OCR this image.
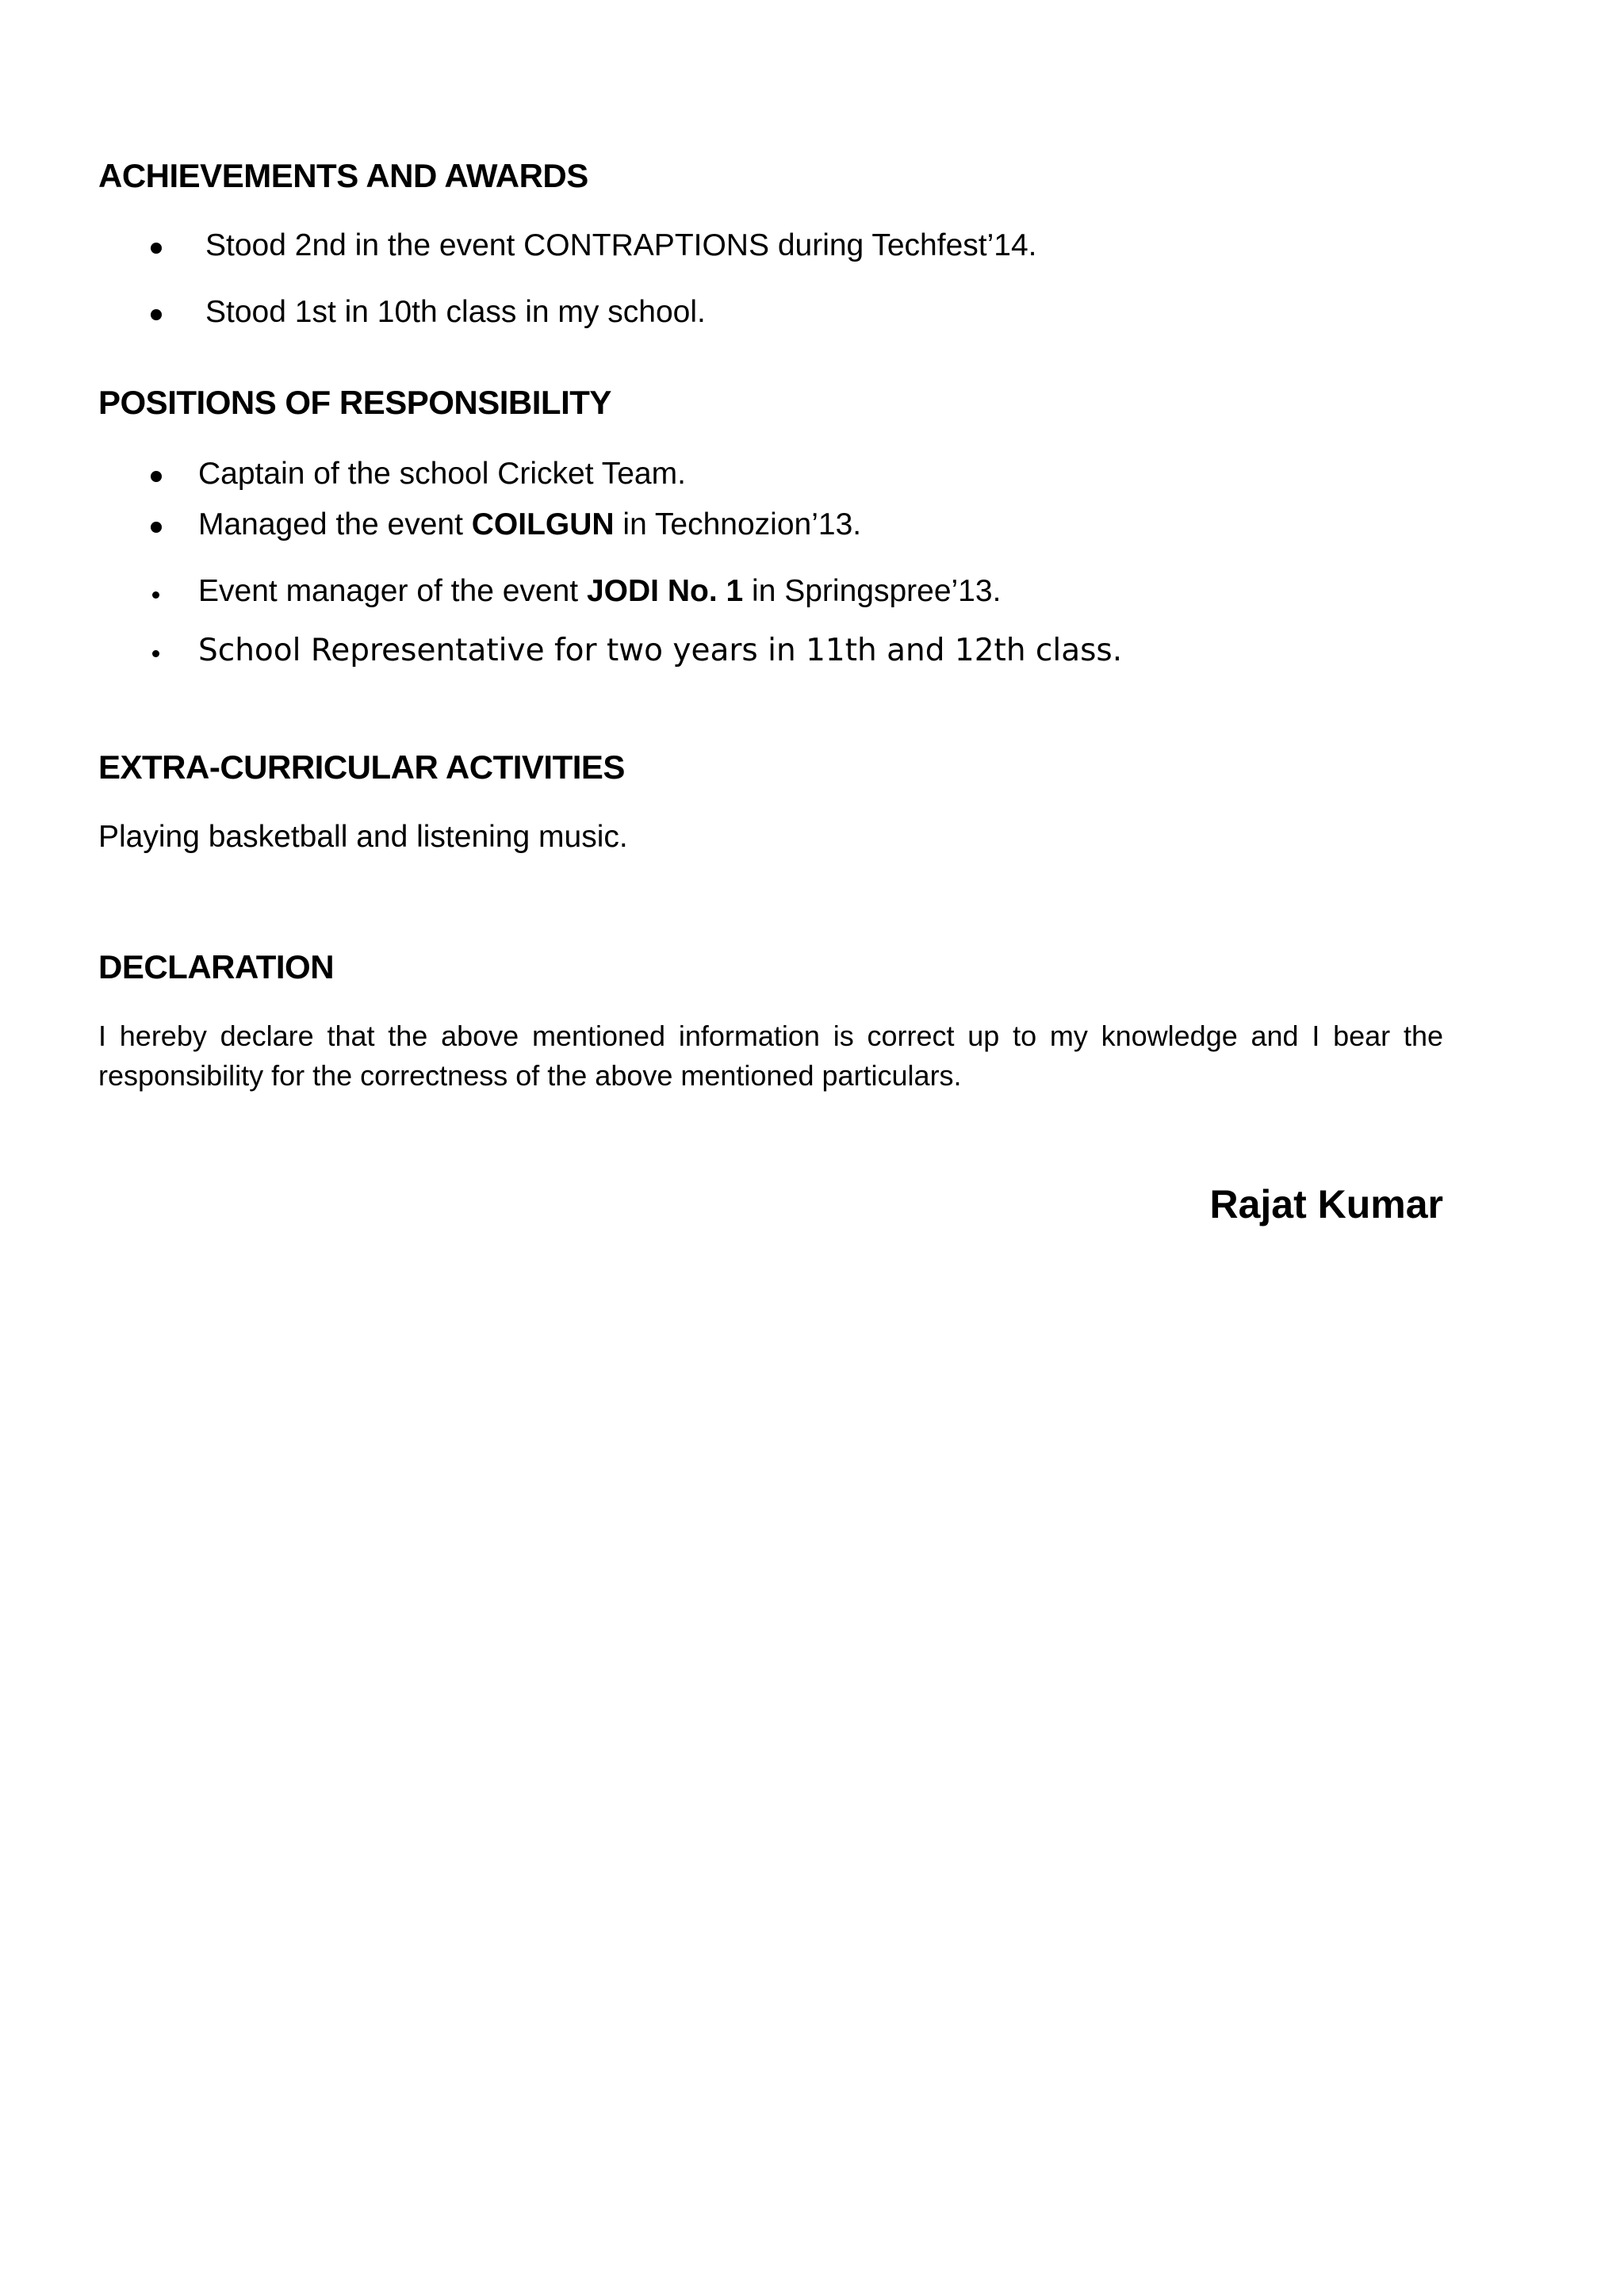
ACHIEVEMENTS AND AWARDS
Stood 2nd in the event CONTRAPTIONS during Techfest’14.
Stood 1st in 10th class in my school.
POSITIONS OF RESPONSIBILITY
Captain of the school Cricket Team.
Managed the event COILGUN in Technozion’13.
Event manager of the event JODI No. 1 in Springspree’13.
School Representative for two years in 11th and 12th class.
EXTRA-CURRICULAR ACTIVITIES

Playing basketball and listening music.

DECLARATION

I hereby declare that the above mentioned information is correct up to my knowledge and I bear the responsibility for the correctness of the above mentioned particulars.

Rajat Kumar
